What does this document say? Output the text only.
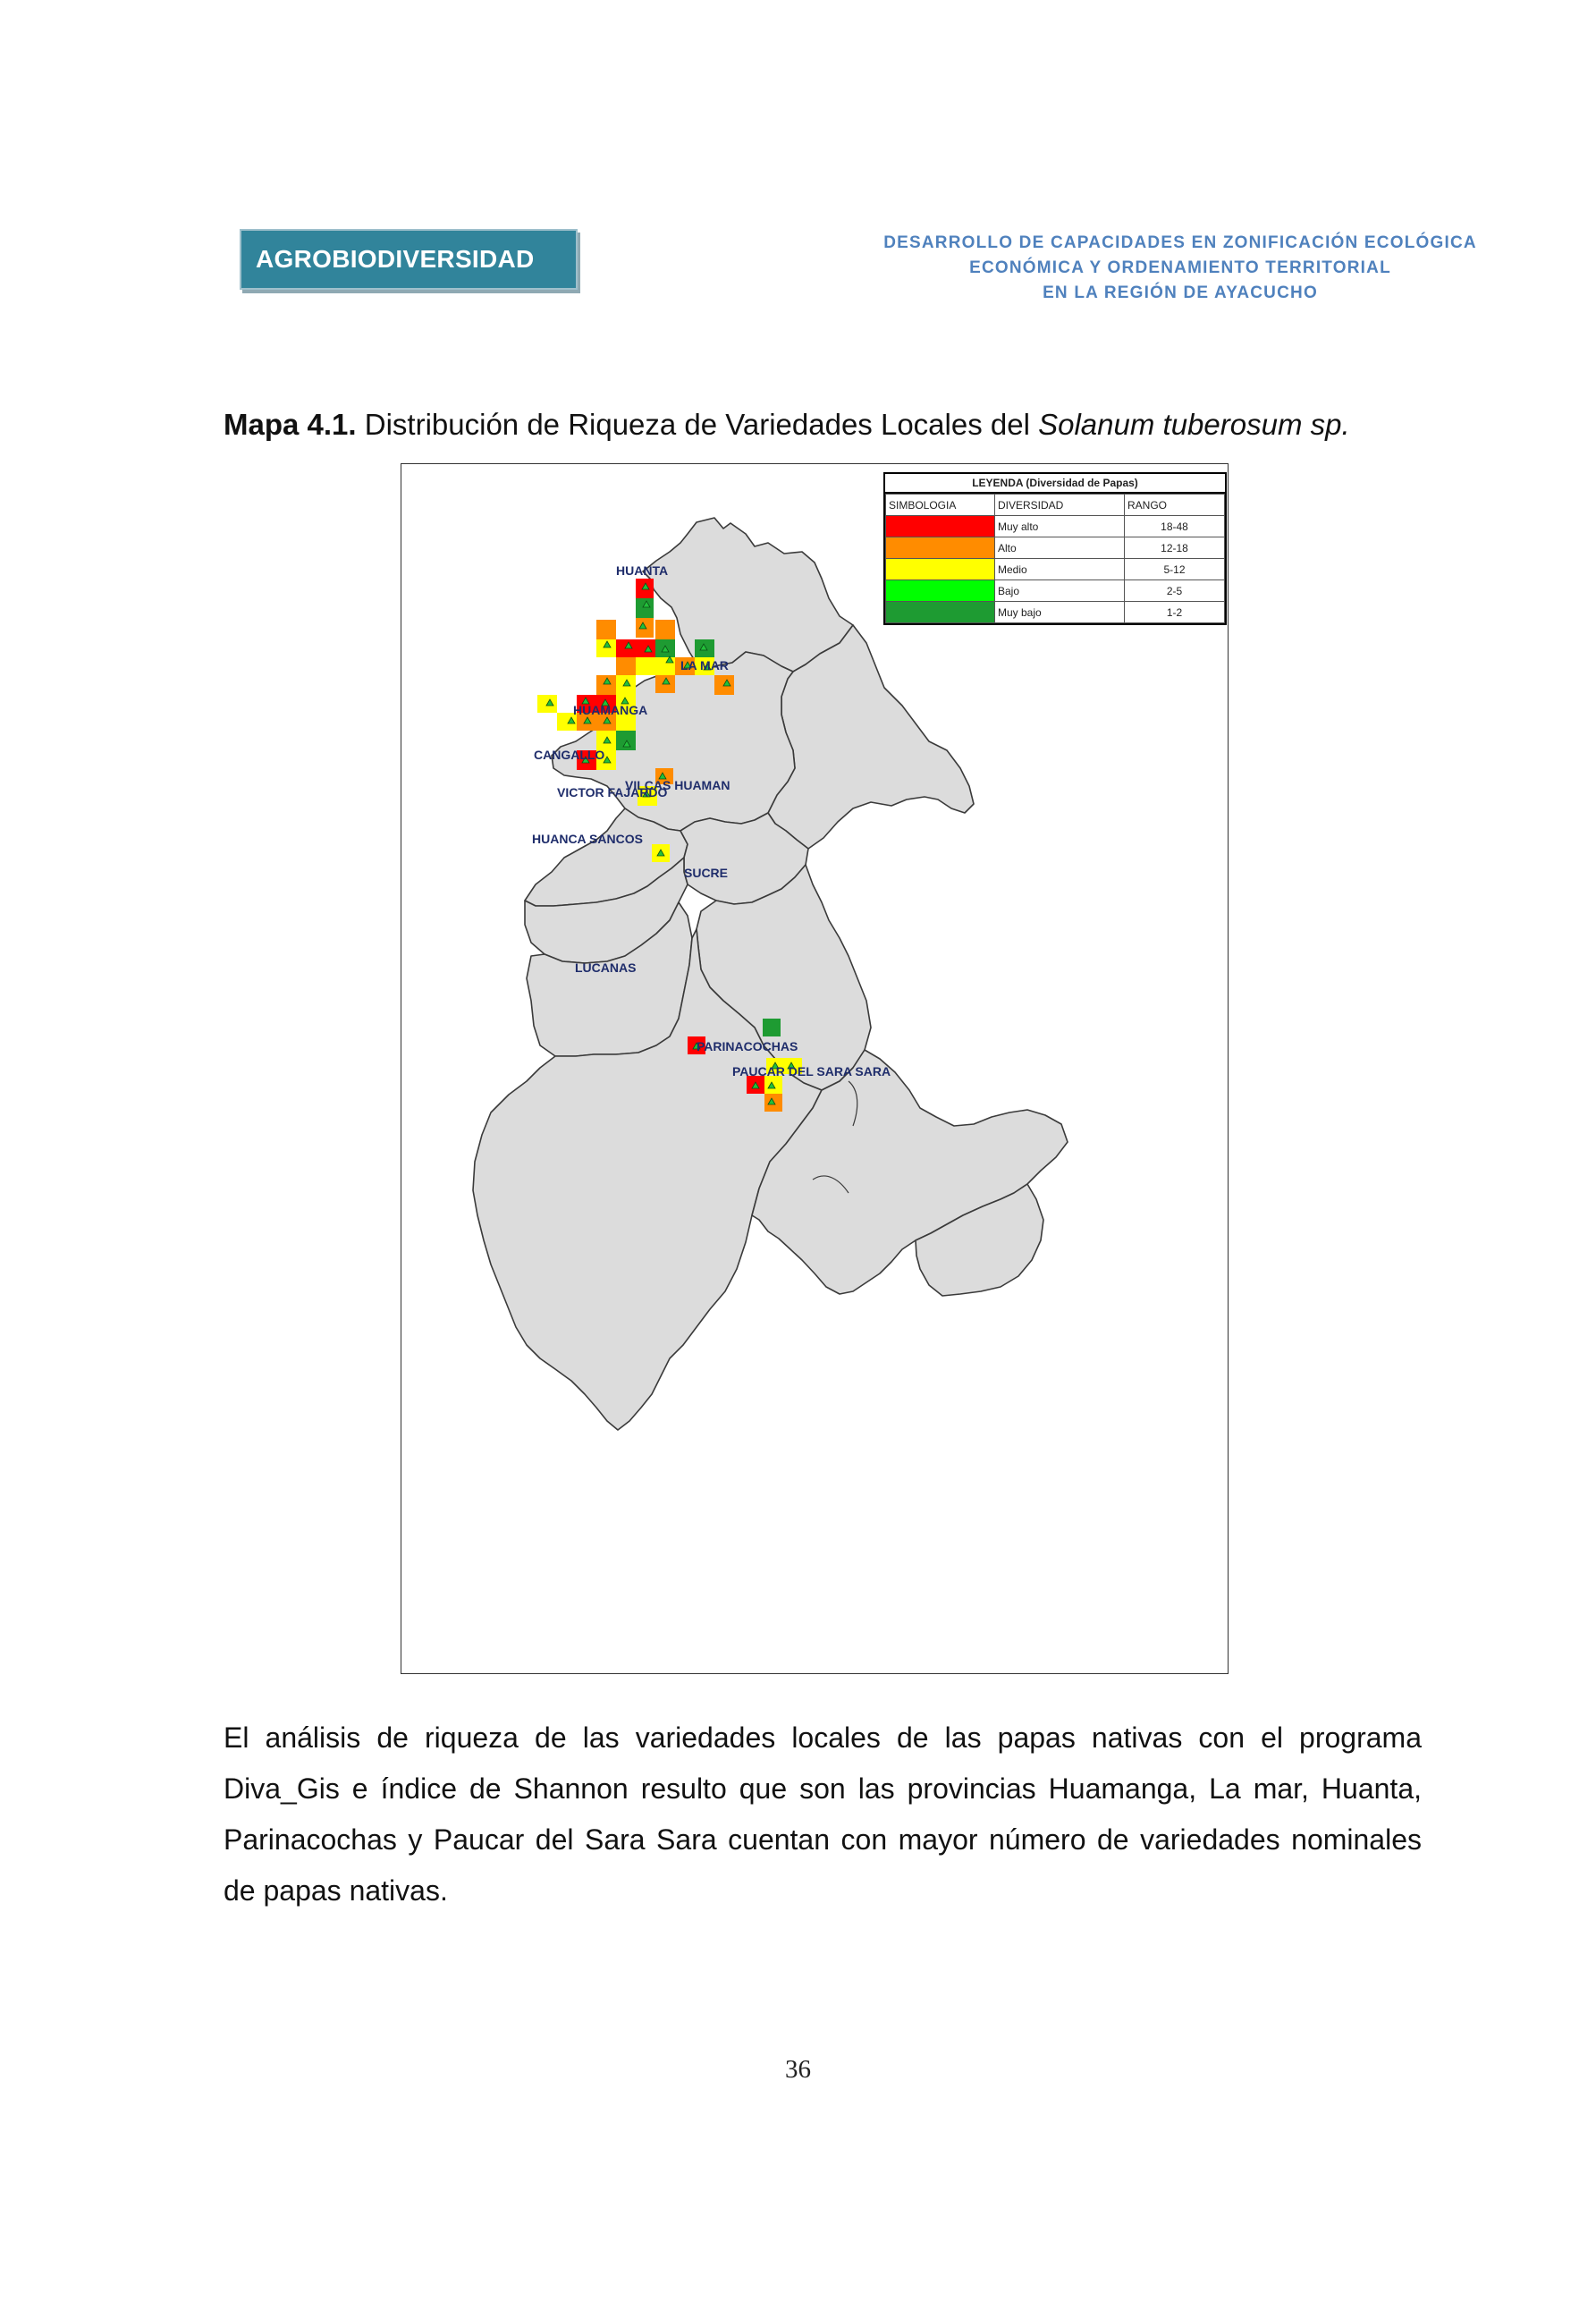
AGROBIODIVERSIDAD
DESARROLLO DE CAPACIDADES EN ZONIFICACIÓN ECOLÓGICA
ECONÓMICA Y ORDENAMIENTO TERRITORIAL
EN LA REGIÓN DE AYACUCHO
Mapa 4.1. Distribución de Riqueza de Variedades Locales del Solanum tuberosum sp.
HUANTA
LA MAR
HUAMANGA
CANGALLO
VILCAS HUAMAN
VICTOR FAJARDO
HUANCA SANCOS
SUCRE
LUCANAS
PARINACOCHAS
PAUCAR DEL SARA SARA
LEYENDA (Diversidad de Papas)
SIMBOLOGIA	DIVERSIDAD	RANGO
	Muy alto	18-48
	Alto	12-18
	Medio	5-12
	Bajo	2-5
	Muy bajo	1-2
El análisis de riqueza de las variedades locales de las papas nativas con el programa Diva_Gis e índice de Shannon resulto que son las provincias Huamanga, La mar, Huanta, Parinacochas y Paucar del Sara Sara cuentan con mayor número de variedades nominales de papas nativas.
36
